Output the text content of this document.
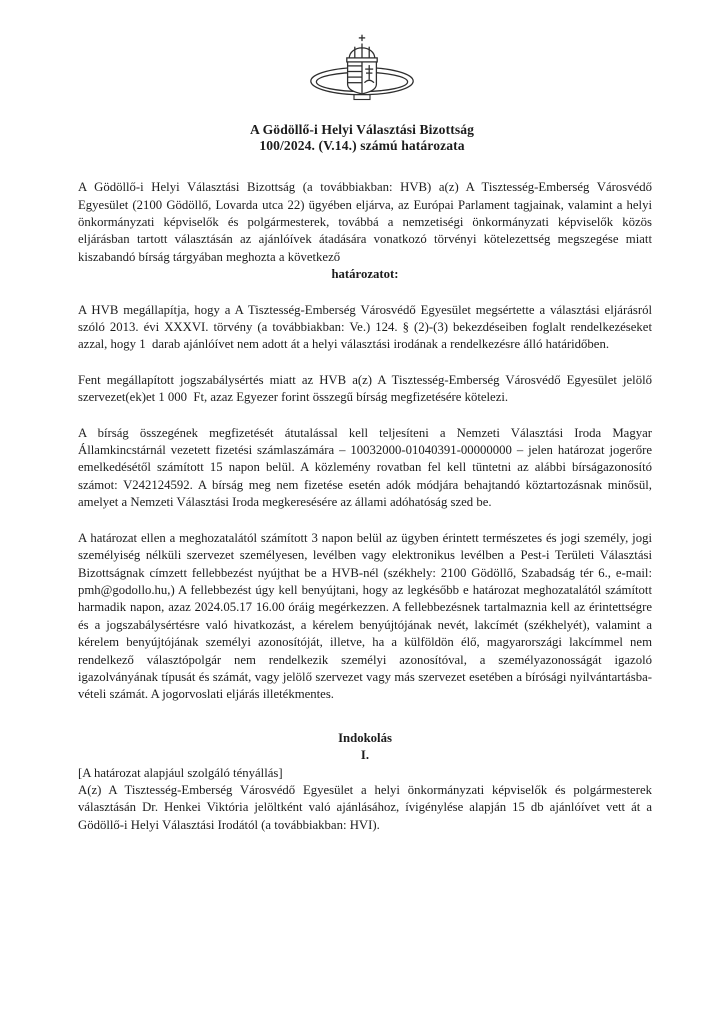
A Gödöllő-i Helyi Választási Bizottság
100/2024. (V.14.) számú határozata

A Gödöllő-i Helyi Választási Bizottság (a továbbiakban: HVB) a(z) A Tisztesség-Emberség Városvédő Egyesület (2100 Gödöllő, Lovarda utca 22) ügyében eljárva, az Európai Parlament tagjainak, valamint a helyi önkormányzati képviselők és polgármesterek, továbbá a nemzetiségi önkormányzati képviselők közös eljárásban tartott választásán az ajánlóívek átadására vonatkozó törvényi kötelezettség megszegése miatt kiszabandó bírság tárgyában meghozta a következő

határozatot:

A HVB megállapítja, hogy a A Tisztesség-Emberség Városvédő Egyesület megsértette a választási eljárásról szóló 2013. évi XXXVI. törvény (a továbbiakban: Ve.) 124. § (2)-(3) bekezdéseiben foglalt rendelkezéseket azzal, hogy 1  darab ajánlóívet nem adott át a helyi választási irodának a rendelkezésre álló határidőben.

Fent megállapított jogszabálysértés miatt az HVB a(z) A Tisztesség-Emberség Városvédő Egyesület jelölő szervezet(ek)et 1 000  Ft, azaz Egyezer forint összegű bírság megfizetésére kötelezi.

A bírság összegének megfizetését átutalással kell teljesíteni a Nemzeti Választási Iroda Magyar Államkincstárnál vezetett fizetési számlaszámára – 10032000-01040391-00000000 – jelen határozat jogerőre emelkedésétől számított 15 napon belül. A közlemény rovatban fel kell tüntetni az alábbi bírságazonosító számot: V242124592. A bírság meg nem fizetése esetén adók módjára behajtandó köztartozásnak minősül, amelyet a Nemzeti Választási Iroda megkeresésére az állami adóhatóság szed be.

A határozat ellen a meghozatalától számított 3 napon belül az ügyben érintett természetes és jogi személy, jogi személyiség nélküli szervezet személyesen, levélben vagy elektronikus levélben a Pest-i Területi Választási Bizottságnak címzett fellebbezést nyújthat be a HVB-nél (székhely: 2100 Gödöllő, Szabadság tér 6., e-mail: pmh@godollo.hu,) A fellebbezést úgy kell benyújtani, hogy az legkésőbb e határozat meghozatalától számított harmadik napon, azaz 2024.05.17 16.00 óráig megérkezzen. A fellebbezésnek tartalmaznia kell az érintettségre és a jogszabálysértésre való hivatkozást, a kérelem benyújtójának nevét, lakcímét (székhelyét), valamint a kérelem benyújtójának személyi azonosítóját, illetve, ha a külföldön élő, magyarországi lakcímmel nem rendelkező választópolgár nem rendelkezik személyi azonosítóval, a személyazonosságát igazoló igazolványának típusát és számát, vagy jelölő szervezet vagy más szervezet esetében a bírósági nyilvántartásba-vételi számát. A jogorvoslati eljárás illetékmentes.

Indokolás

I.

[A határozat alapjául szolgáló tényállás]

A(z) A Tisztesség-Emberség Városvédő Egyesület a helyi önkormányzati képviselők és polgármesterek választásán Dr. Henkei Viktória jelöltként való ajánlásához, ívigénylése alapján 15 db ajánlóívet vett át a Gödöllő-i Helyi Választási Irodától (a továbbiakban: HVI).
